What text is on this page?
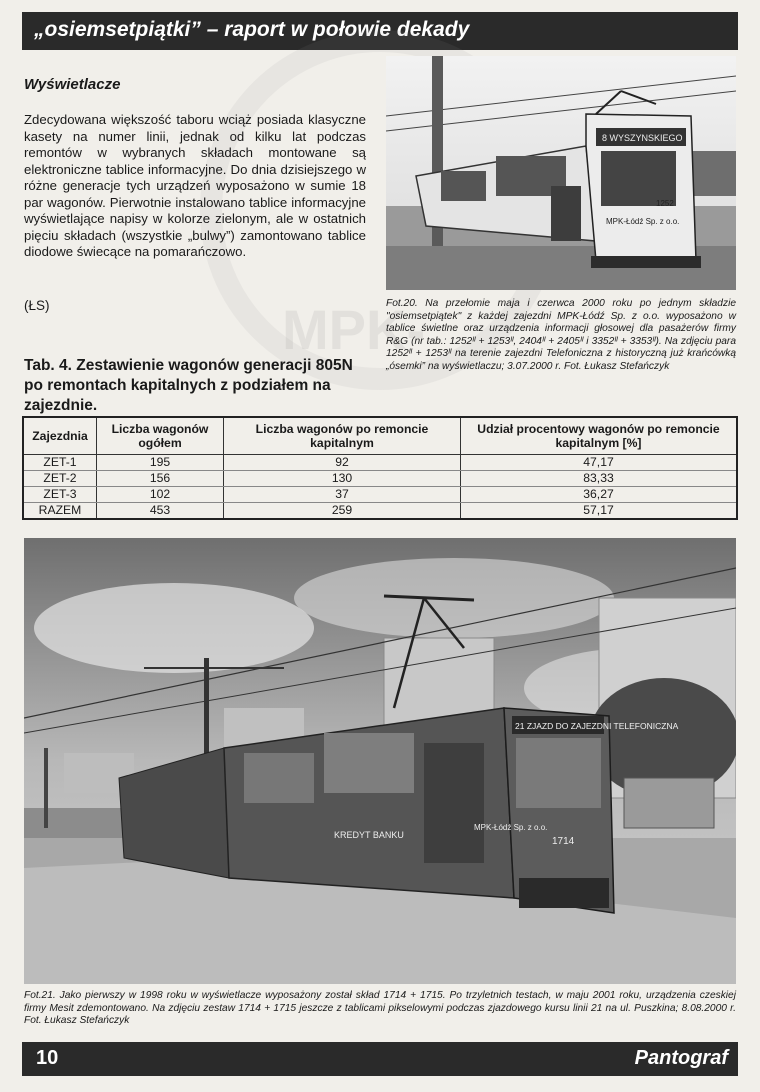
„osiemsetpiątki” – raport w połowie dekady
MPK-
Wyświetlacze

Zdecydowana większość taboru wciąż posiada klasyczne kasety na numer linii, jednak od kilku lat podczas remontów w wybranych składach montowane są elektroniczne tablice informacyjne. Do dnia dzisiejszego w różne generacje tych urządzeń wyposażono w sumie 18 par wagonów. Pierwotnie instalowano tablice informacyjne wyświetlające napisy w kolorze zielonym, ale w ostatnich pięciu składach (wszystkie „bulwy”) zamontowano tablice diodowe świecące na pomarańczowo.

(ŁS)

8 WYSZYNSKIEGO
MPK-Łódź Sp. z o.o.
1252

Fot.20. Na przełomie maja i czerwca 2000 roku po jednym składzie "osiemsetpiątek" z każdej zajezdni MPK-Łódź Sp. z o.o. wyposażono w tablice świetlne oraz urządzenia informacji głosowej dla pasażerów firmy R&G (nr tab.: 1252ᴵᴵ + 1253ᴵᴵ, 2404ᴵᴵ + 2405ᴵᴵ i 3352ᴵᴵ + 3353ᴵᴵ). Na zdjęciu para 1252ᴵᴵ + 1253ᴵᴵ na terenie zajezdni Telefoniczna z historyczną już krańcówką „ósemki” na wyświetlaczu; 3.07.2000 r. Fot. Łukasz Stefańczyk

Tab. 4. Zestawienie wagonów generacji 805N po remontach kapitalnych z podziałem na zajezdnie.

Zajezdnia	Liczba wagonów ogółem	Liczba wagonów po remoncie kapitalnym	Udział procentowy wagonów po remoncie kapitalnym [%]
ZET-1	195	92	47,17
ZET-2	156	130	83,33
ZET-3	102	37	36,27
RAZEM	453	259	57,17
21 ZJAZD DO ZAJEZDNI TELEFONICZNA
KREDYT BANKU
MPK-Łódź Sp. z o.o.
1714

Fot.21. Jako pierwszy w 1998 roku w wyświetlacze wyposażony został skład 1714 + 1715. Po trzyletnich testach, w maju 2001 roku, urządzenia czeskiej firmy Mesit zdemontowano. Na zdjęciu zestaw 1714 + 1715 jeszcze z tablicami pikselowymi podczas zjazdowego kursu linii 21 na ul. Puszkina; 8.08.2000 r. Fot. Łukasz Stefańczyk

10	Pantograf
